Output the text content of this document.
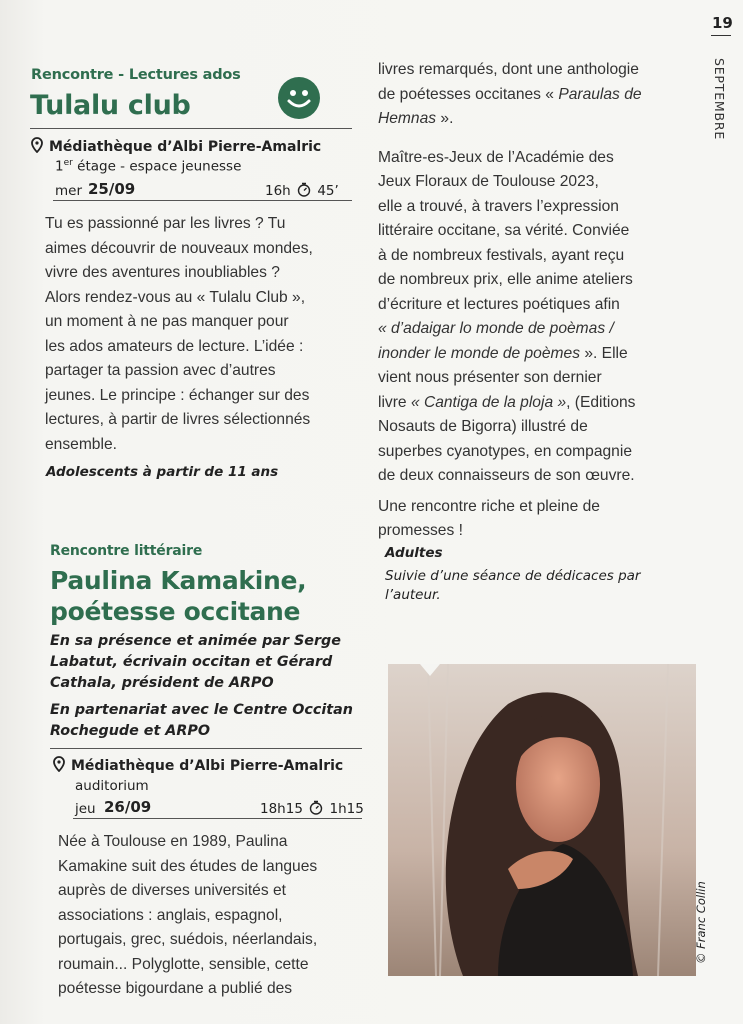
19
SEPTEMBRE
Rencontre - Lectures ados
Tulalu club
Médiathèque d’Albi Pierre-Amalric
1er étage - espace jeunesse
mer 25/09	16h 45’
Tu es passionné par les livres ? Tu
aimes découvrir de nouveaux mondes,
vivre des aventures inoubliables ?
Alors rendez-vous au « Tulalu Club »,
un moment à ne pas manquer pour
les ados amateurs de lecture. L’idée :
partager ta passion avec d’autres
jeunes. Le principe : échanger sur des
lectures, à partir de livres sélectionnés
ensemble.
Adolescents à partir de 11 ans
Rencontre littéraire
Paulina Kamakine,
poétesse occitane
En sa présence et animée par Serge
Labatut, écrivain occitan et Gérard
Cathala, président de ARPO
En partenariat avec le Centre Occitan
Rochegude et ARPO
Médiathèque d’Albi Pierre-Amalric
auditorium
jeu 26/09	18h15 1h15
Née à Toulouse en 1989, Paulina
Kamakine suit des études de langues
auprès de diverses universités et
associations : anglais, espagnol,
portugais, grec, suédois, néerlandais,
roumain... Polyglotte, sensible, cette
poétesse bigourdane a publié des
livres remarqués, dont une anthologie
de poétesses occitanes « Paraulas de
Hemnas ».
Maître-es-Jeux de l’Académie des
Jeux Floraux de Toulouse 2023,
elle a trouvé, à travers l’expression
littéraire occitane, sa vérité. Conviée
à de nombreux festivals, ayant reçu
de nombreux prix, elle anime ateliers
d’écriture et lectures poétiques afin
« d’adaigar lo monde de poèmas /
inonder le monde de poèmes ». Elle
vient nous présenter son dernier
livre « Cantiga de la ploja », (Editions
Nosauts de Bigorra) illustré de
superbes cyanotypes, en compagnie
de deux connaisseurs de son œuvre.
Une rencontre riche et pleine de
promesses !
Adultes
Suivie d’une séance de dédicaces par
l’auteur.
© Franc Collin
